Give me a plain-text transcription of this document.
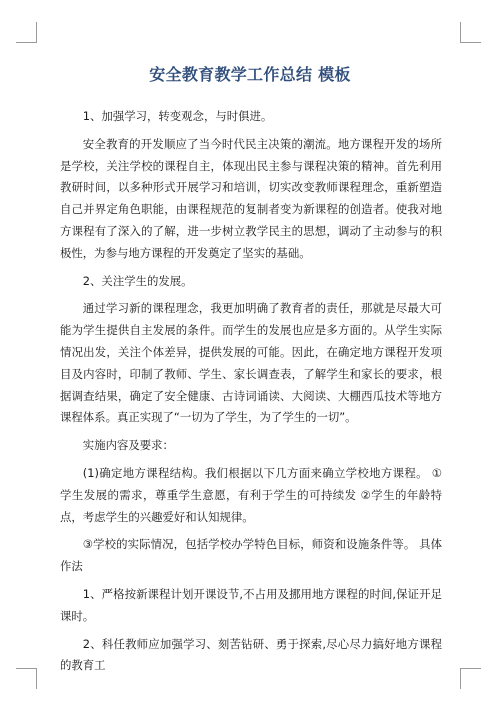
安全教育教学工作总结 模板

1、加强学习，转变观念，与时俱进。

安全教育的开发顺应了当今时代民主决策的潮流。地方课程开发的场所是学校，关注学校的课程自主，体现出民主参与课程决策的精神。首先利用教研时间，以多种形式开展学习和培训，切实改变教师课程理念，重新塑造自己并界定角色职能，由课程规范的复制者变为新课程的创造者。使我对地方课程有了深入的了解，进一步树立教学民主的思想，调动了主动参与的积极性，为参与地方课程的开发奠定了坚实的基础。

2、关注学生的发展。

通过学习新的课程理念，我更加明确了教育者的责任，那就是尽最大可能为学生提供自主发展的条件。而学生的发展也应是多方面的。从学生实际情况出发，关注个体差异，提供发展的可能。因此，在确定地方课程开发项目及内容时，印制了教师、学生、家长调查表，了解学生和家长的要求，根据调查结果，确定了安全健康、古诗词诵读、大阅读、大棚西瓜技术等地方课程体系。真正实现了“一切为了学生，为了学生的一切”。

实施内容及要求：

(1)确定地方课程结构。我们根据以下几方面来确立学校地方课程。 ①学生发展的需求，尊重学生意愿，有利于学生的可持续发 ②学生的年龄特点，考虑学生的兴趣爱好和认知规律。

③学校的实际情况，包括学校办学特色目标，师资和设施条件等。 具体作法

1、严格按新课程计划开课设节,不占用及挪用地方课程的时间,保证开足课时。

2、科任教师应加强学习、刻苦钻研、勇于探索,尽心尽力搞好地方课程的教育工
